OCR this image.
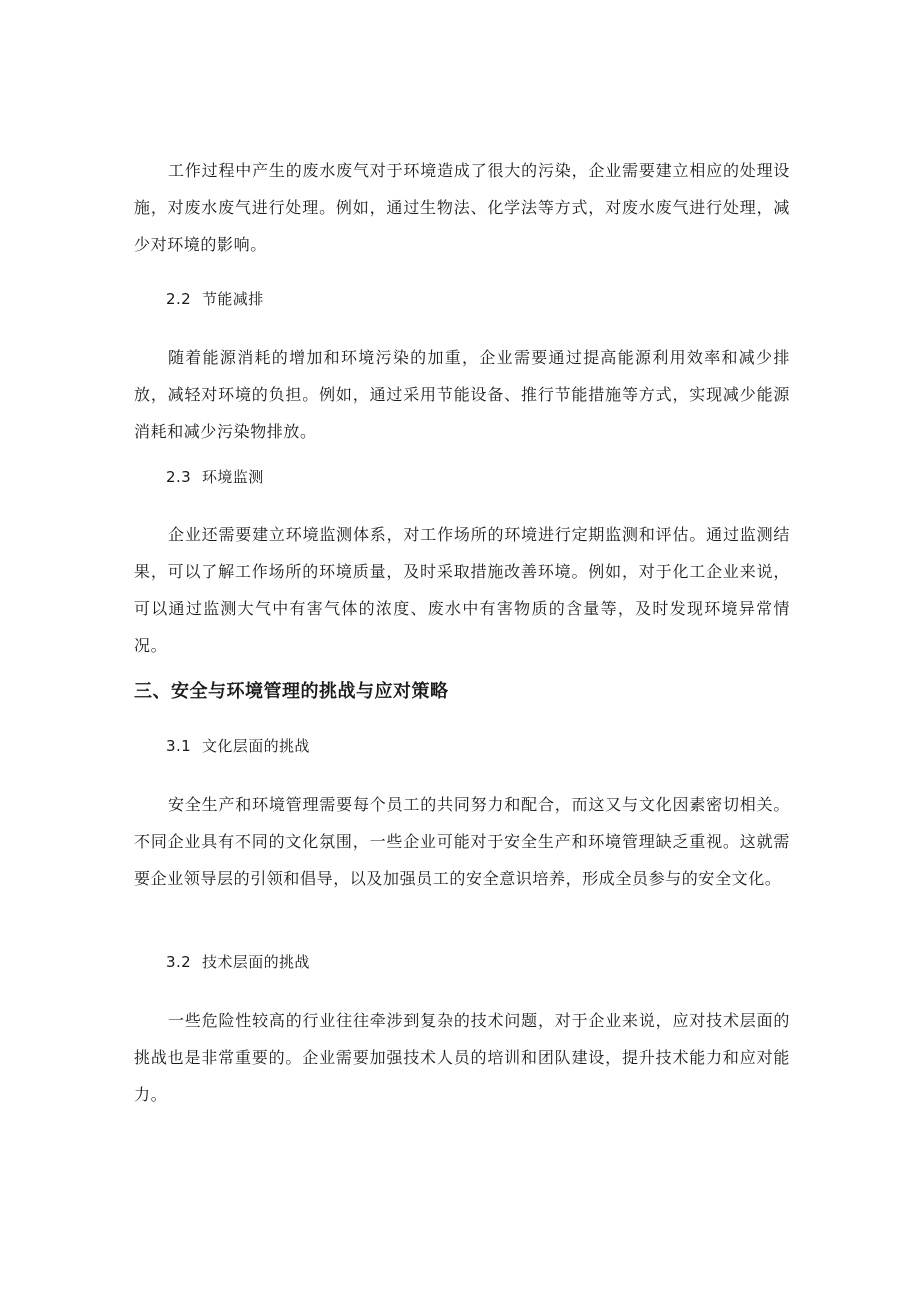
工作过程中产生的废水废气对于环境造成了很大的污染，企业需要建立相应的处理设施，对废水废气进行处理。例如，通过生物法、化学法等方式，对废水废气进行处理，减少对环境的影响。

2.2 节能减排

随着能源消耗的增加和环境污染的加重，企业需要通过提高能源利用效率和减少排放，减轻对环境的负担。例如，通过采用节能设备、推行节能措施等方式，实现减少能源消耗和减少污染物排放。

2.3 环境监测

企业还需要建立环境监测体系，对工作场所的环境进行定期监测和评估。通过监测结果，可以了解工作场所的环境质量，及时采取措施改善环境。例如，对于化工企业来说，可以通过监测大气中有害气体的浓度、废水中有害物质的含量等，及时发现环境异常情况。

三、安全与环境管理的挑战与应对策略

3.1 文化层面的挑战

安全生产和环境管理需要每个员工的共同努力和配合，而这又与文化因素密切相关。不同企业具有不同的文化氛围，一些企业可能对于安全生产和环境管理缺乏重视。这就需要企业领导层的引领和倡导，以及加强员工的安全意识培养，形成全员参与的安全文化。

3.2 技术层面的挑战

一些危险性较高的行业往往牵涉到复杂的技术问题，对于企业来说，应对技术层面的挑战也是非常重要的。企业需要加强技术人员的培训和团队建设，提升技术能力和应对能力。
